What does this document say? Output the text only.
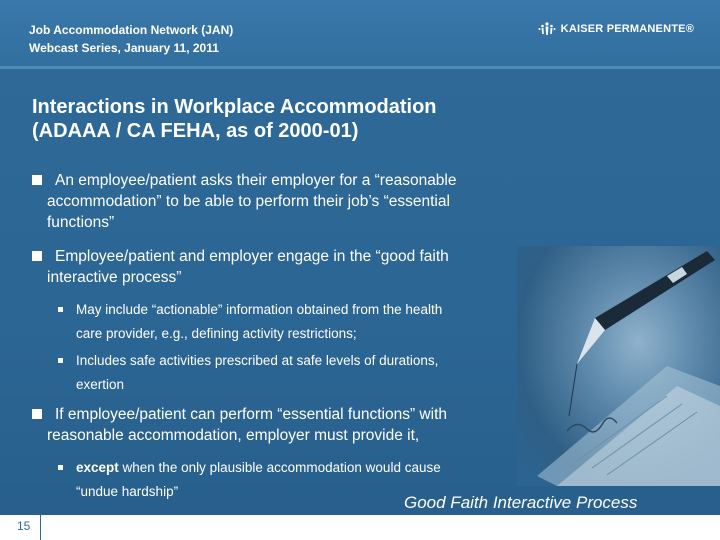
Job Accommodation Network (JAN)
Webcast Series, January 11, 2011
KAISER PERMANENTE®
Interactions in Workplace Accommodation
(ADAAA / CA FEHA, as of 2000-01)
An employee/patient asks their employer for a “reasonable
accommodation” to be able to perform their job’s “essential
functions”
Employee/patient and employer engage in the “good faith
interactive process”
May include “actionable” information obtained from the health
care provider, e.g., defining activity restrictions;
Includes safe activities prescribed at safe levels of durations,
exertion
If employee/patient can perform “essential functions” with
reasonable accommodation, employer must provide it,
except when the only plausible accommodation would cause
“undue hardship”
Good Faith Interactive Process
15
